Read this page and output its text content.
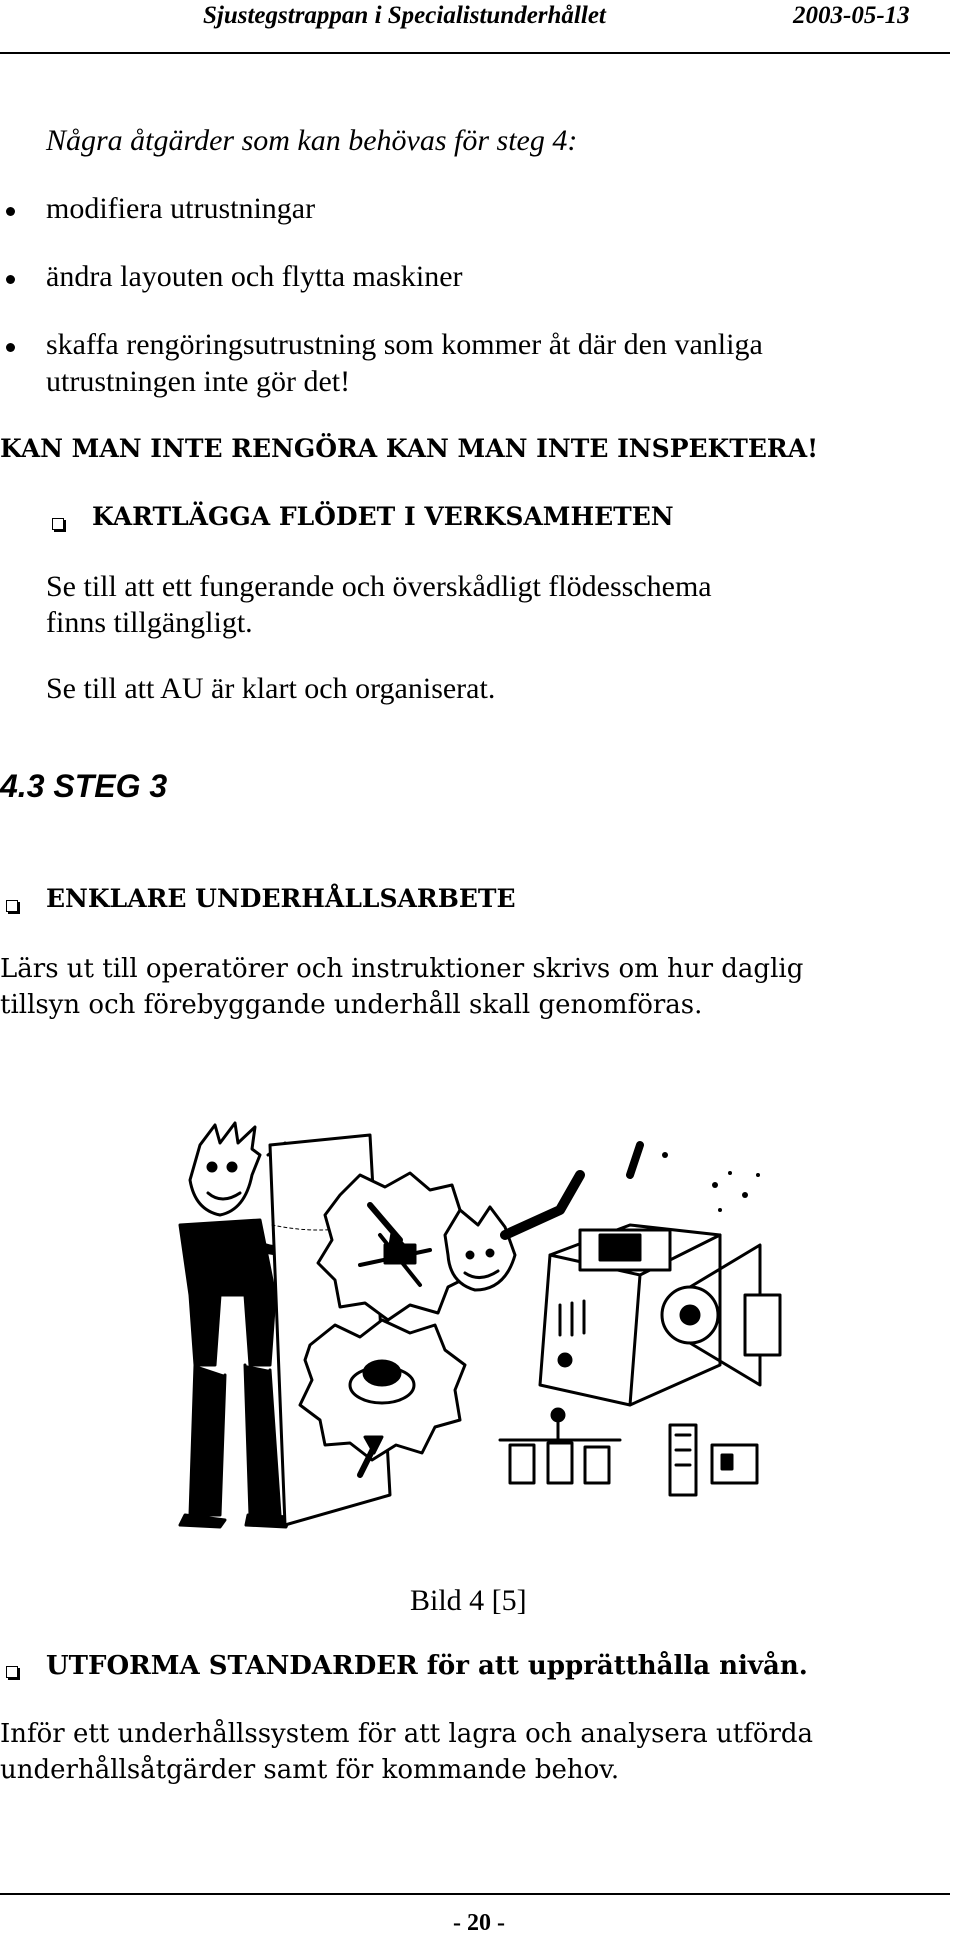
Sjustegstrappan i Specialistunderhållet	2003-05-13
Några åtgärder som kan behövas för steg 4:
modifiera utrustningar
ändra layouten och flytta maskiner
skaffa rengöringsutrustning som kommer åt där den vanliga
utrustningen inte gör det!
KAN MAN INTE RENGÖRA KAN MAN INTE INSPEKTERA!
KARTLÄGGA FLÖDET I VERKSAMHETEN
Se till att ett fungerande och överskådligt flödesschema
finns tillgängligt.
Se till att AU är klart och organiserat.
4.3 STEG 3
ENKLARE UNDERHÅLLSARBETE
Lärs ut till operatörer och instruktioner skrivs om hur daglig
tillsyn och förebyggande underhåll skall genomföras.
Bild 4 [5]
UTFORMA STANDARDER för att upprätthålla nivån.
Inför ett underhållssystem för att lagra och analysera utförda
underhållsåtgärder samt för kommande behov.
- 20 -
